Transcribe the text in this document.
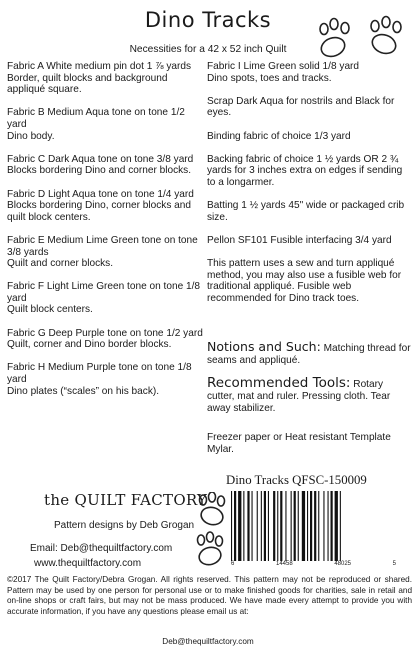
Dino Tracks
Necessities for a 42 x 52 inch Quilt
Fabric A White medium pin dot 1 ⅞ yards Border, quilt blocks and background appliqué square.
Fabric B Medium Aqua tone on tone 1/2 yard
Dino body.
Fabric C Dark Aqua tone on tone 3/8 yard
Blocks bordering Dino and corner blocks.
Fabric D Light Aqua tone on tone 1/4 yard
Blocks bordering Dino, corner blocks and quilt block centers.
Fabric E Medium Lime Green tone on tone 3/8 yards
Quilt and corner blocks.
Fabric F Light Lime Green tone on tone 1/8 yard
Quilt block centers.
Fabric G Deep Purple tone on tone 1/2 yard
Quilt, corner and Dino border blocks.
Fabric H Medium Purple tone on tone 1/8 yard
Dino plates (“scales” on his back).
Fabric I Lime Green solid 1/8 yard
Dino spots, toes and tracks.
Scrap Dark Aqua for nostrils and Black for eyes.
Binding fabric of choice 1/3 yard
Backing fabric of choice 1 ½ yards OR 2 ¾ yards for 3 inches extra on edges if sending to a longarmer.
Batting 1 ½ yards 45" wide or packaged crib size.
Pellon SF101 Fusible interfacing 3/4 yard
This pattern uses a sew and turn appliqué method, you may also use a fusible web for traditional appliqué. Fusible web recommended for Dino track toes.
Notions and Such: Matching thread for seams and appliqué.
Recommended Tools: Rotary cutter, mat and ruler. Pressing cloth. Tear away stabilizer.
Freezer paper or Heat resistant Template Mylar.
Dino Tracks QFSC-150009
6	14458	48025	5
the QUILT FACTORY
Pattern designs by Deb Grogan
Email: Deb@thequiltfactory.com
www.thequiltfactory.com
©2017 The Quilt Factory/Debra Grogan. All rights reserved. This pattern may not be reproduced or shared. Pattern may be used by one person for personal use or to make finished goods for charities, sale in retail and on-line shops or craft fairs, but may not be mass produced. We have made every attempt to provide you with accurate information, if you have any questions please email us at:
Deb@thequiltfactory.com
